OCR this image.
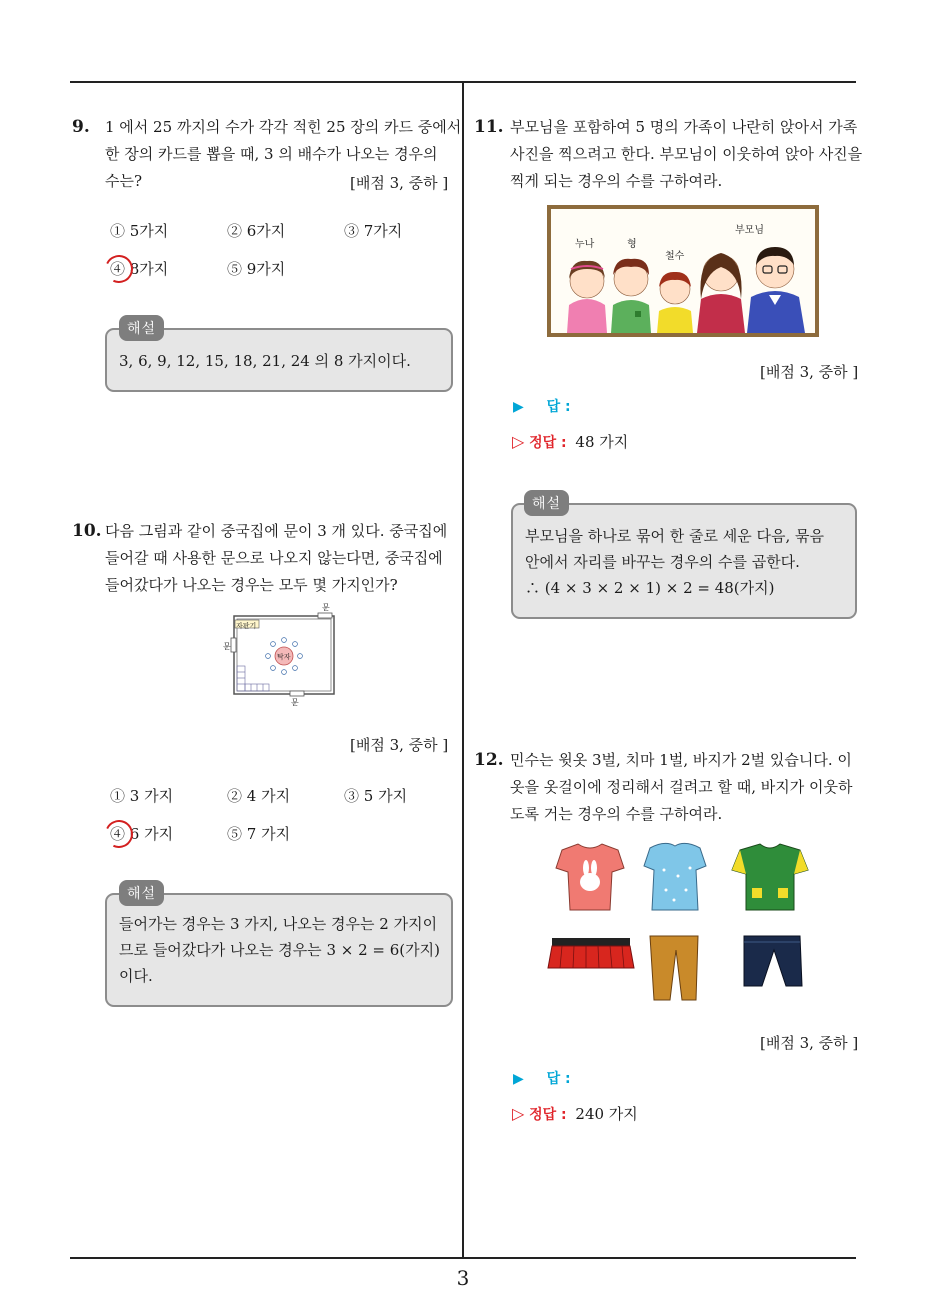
9. 1 에서 25 까지의 수가 각각 적힌 25 장의 카드 중에서
한 장의 카드를 뽑을 때, 3 의 배수가 나오는 경우의
수는?	[배점 3, 중하 ]
① 5가지	② 6가지	③ 7가지
④ 8가지	⑤ 9가지
3, 6, 9, 12, 15, 18, 21, 24 의 8 가지이다.
해설
10. 다음 그림과 같이 중국집에 문이 3 개 있다. 중국집에
들어갈 때 사용한 문으로 나오지 않는다면, 중국집에
들어갔다가 나오는 경우는 모두 몇 가지인가?
문
문
문
자판기
탁자
[배점 3, 중하 ]
① 3 가지	② 4 가지	③ 5 가지
④ 6 가지	⑤ 7 가지
들어가는 경우는 3 가지, 나오는 경우는 2 가지이
므로 들어갔다가 나오는 경우는 3 × 2 = 6(가지)
이다.
해설
11. 부모님을 포함하여 5 명의 가족이 나란히 앉아서 가족
사진을 찍으려고 한다. 부모님이 이웃하여 앉아 사진을
찍게 되는 경우의 수를 구하여라.
누나	형
철수
부모님
[배점 3, 중하 ]
▶ 답 :
▷ 정답 : 48 가지
부모님을 하나로 묶어 한 줄로 세운 다음, 묶음
안에서 자리를 바꾸는 경우의 수를 곱한다.
∴ (4 × 3 × 2 × 1) × 2 = 48(가지)
해설
12. 민수는 윗옷 3벌, 치마 1벌, 바지가 2벌 있습니다. 이
옷을 옷걸이에 정리해서 걸려고 할 때, 바지가 이웃하
도록 거는 경우의 수를 구하여라.
[배점 3, 중하 ]
▶ 답 :
▷ 정답 : 240 가지
3
